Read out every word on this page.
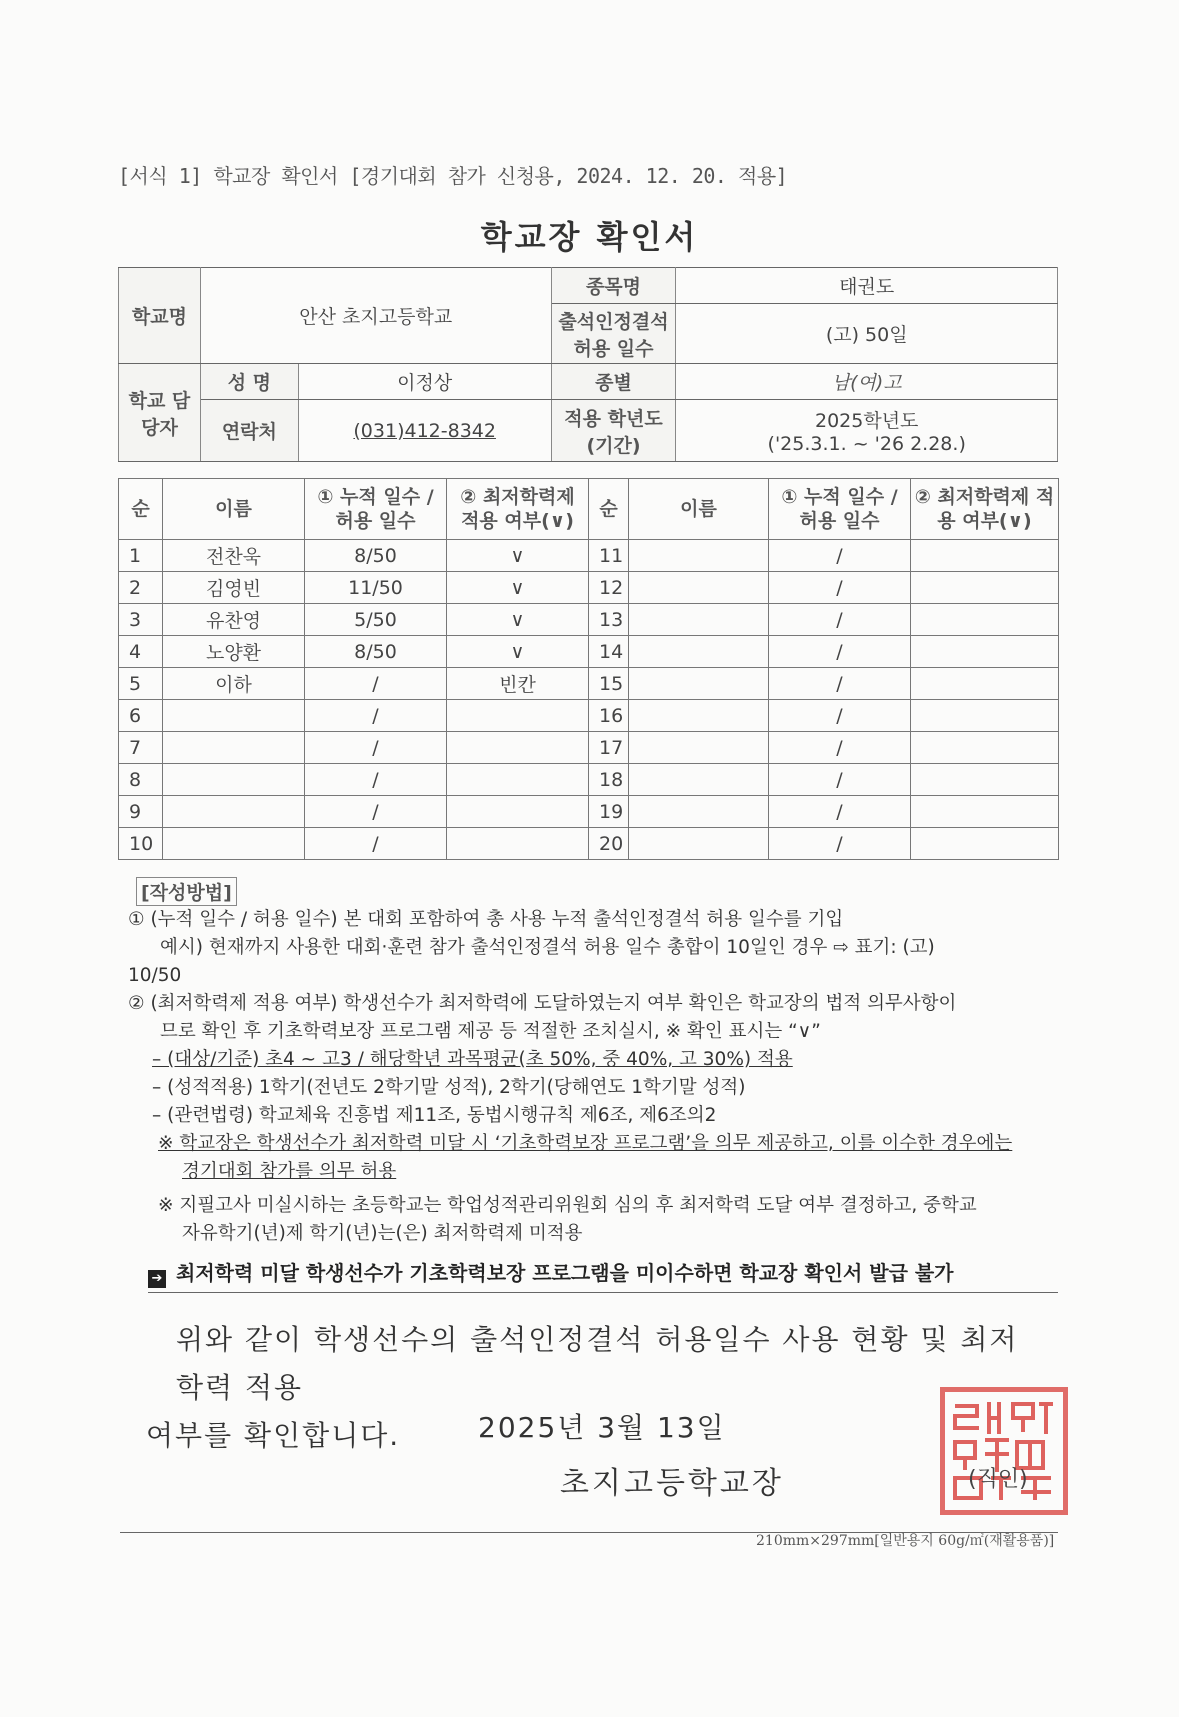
[서식 1] 학교장 확인서 [경기대회 참가 신청용, 2024. 12. 20. 적용]
학교장 확인서
학교명	안산 초지고등학교		종목명	태권도
			출석인정결석 허용 일수	(고) 50일
학교 담당자	성 명	이정상	종별	남(여)고
	연락처	(031)412-8342	적용 학년도 (기간)	2025학년도
('25.3.1. ~ '26 2.28.)
순	이름	① 누적 일수 / 허용 일수	② 최저학력제 적용 여부(∨)	순	이름	① 누적 일수 / 허용 일수	② 최저학력제 적용 여부(∨)
1	전찬욱	8/50	∨	11		/	
2	김영빈	11/50	∨	12		/	
3	유찬영	5/50	∨	13		/	
4	노양환	8/50	∨	14		/	
5	이하	/	빈칸	15		/	
6		/		16		/	
7		/		17		/	
8		/		18		/	
9		/		19		/	
10		/		20		/	
[작성방법]

① (누적 일수 / 허용 일수) 본 대회 포함하여 총 사용 누적 출석인정결석 허용 일수를 기입

예시) 현재까지 사용한 대회·훈련 참가 출석인정결석 허용 일수 총합이 10일인 경우 ⇨ 표기: (고)

10/50

② (최저학력제 적용 여부) 학생선수가 최저학력에 도달하였는지 여부 확인은 학교장의 법적 의무사항이

므로 확인 후 기초학력보장 프로그램 제공 등 적절한 조치실시, ※ 확인 표시는 “∨”

– (대상/기준) 초4 ~ 고3 / 해당학년 과목평균(초 50%, 중 40%, 고 30%) 적용

– (성적적용) 1학기(전년도 2학기말 성적), 2학기(당해연도 1학기말 성적)

– (관련법령) 학교체육 진흥법 제11조, 동법시행규칙 제6조, 제6조의2

※ 학교장은 학생선수가 최저학력 미달 시 ‘기초학력보장 프로그램’을 의무 제공하고, 이를 이수한 경우에는

경기대회 참가를 의무 허용

※ 지필고사 미실시하는 초등학교는 학업성적관리위원회 심의 후 최저학력 도달 여부 결정하고, 중학교

자유학기(년)제 학기(년)는(은) 최저학력제 미적용

➔ 최저학력 미달 학생선수가 기초학력보장 프로그램을 미이수하면 학교장 확인서 발급 불가
위와 같이 학생선수의 출석인정결석 허용일수 사용 현황 및 최저학력 적용
여부를 확인합니다.	2025년 3월 13일
초지고등학교장	(직인)
210mm×297mm[일반용지 60g/㎡(재활용품)]
